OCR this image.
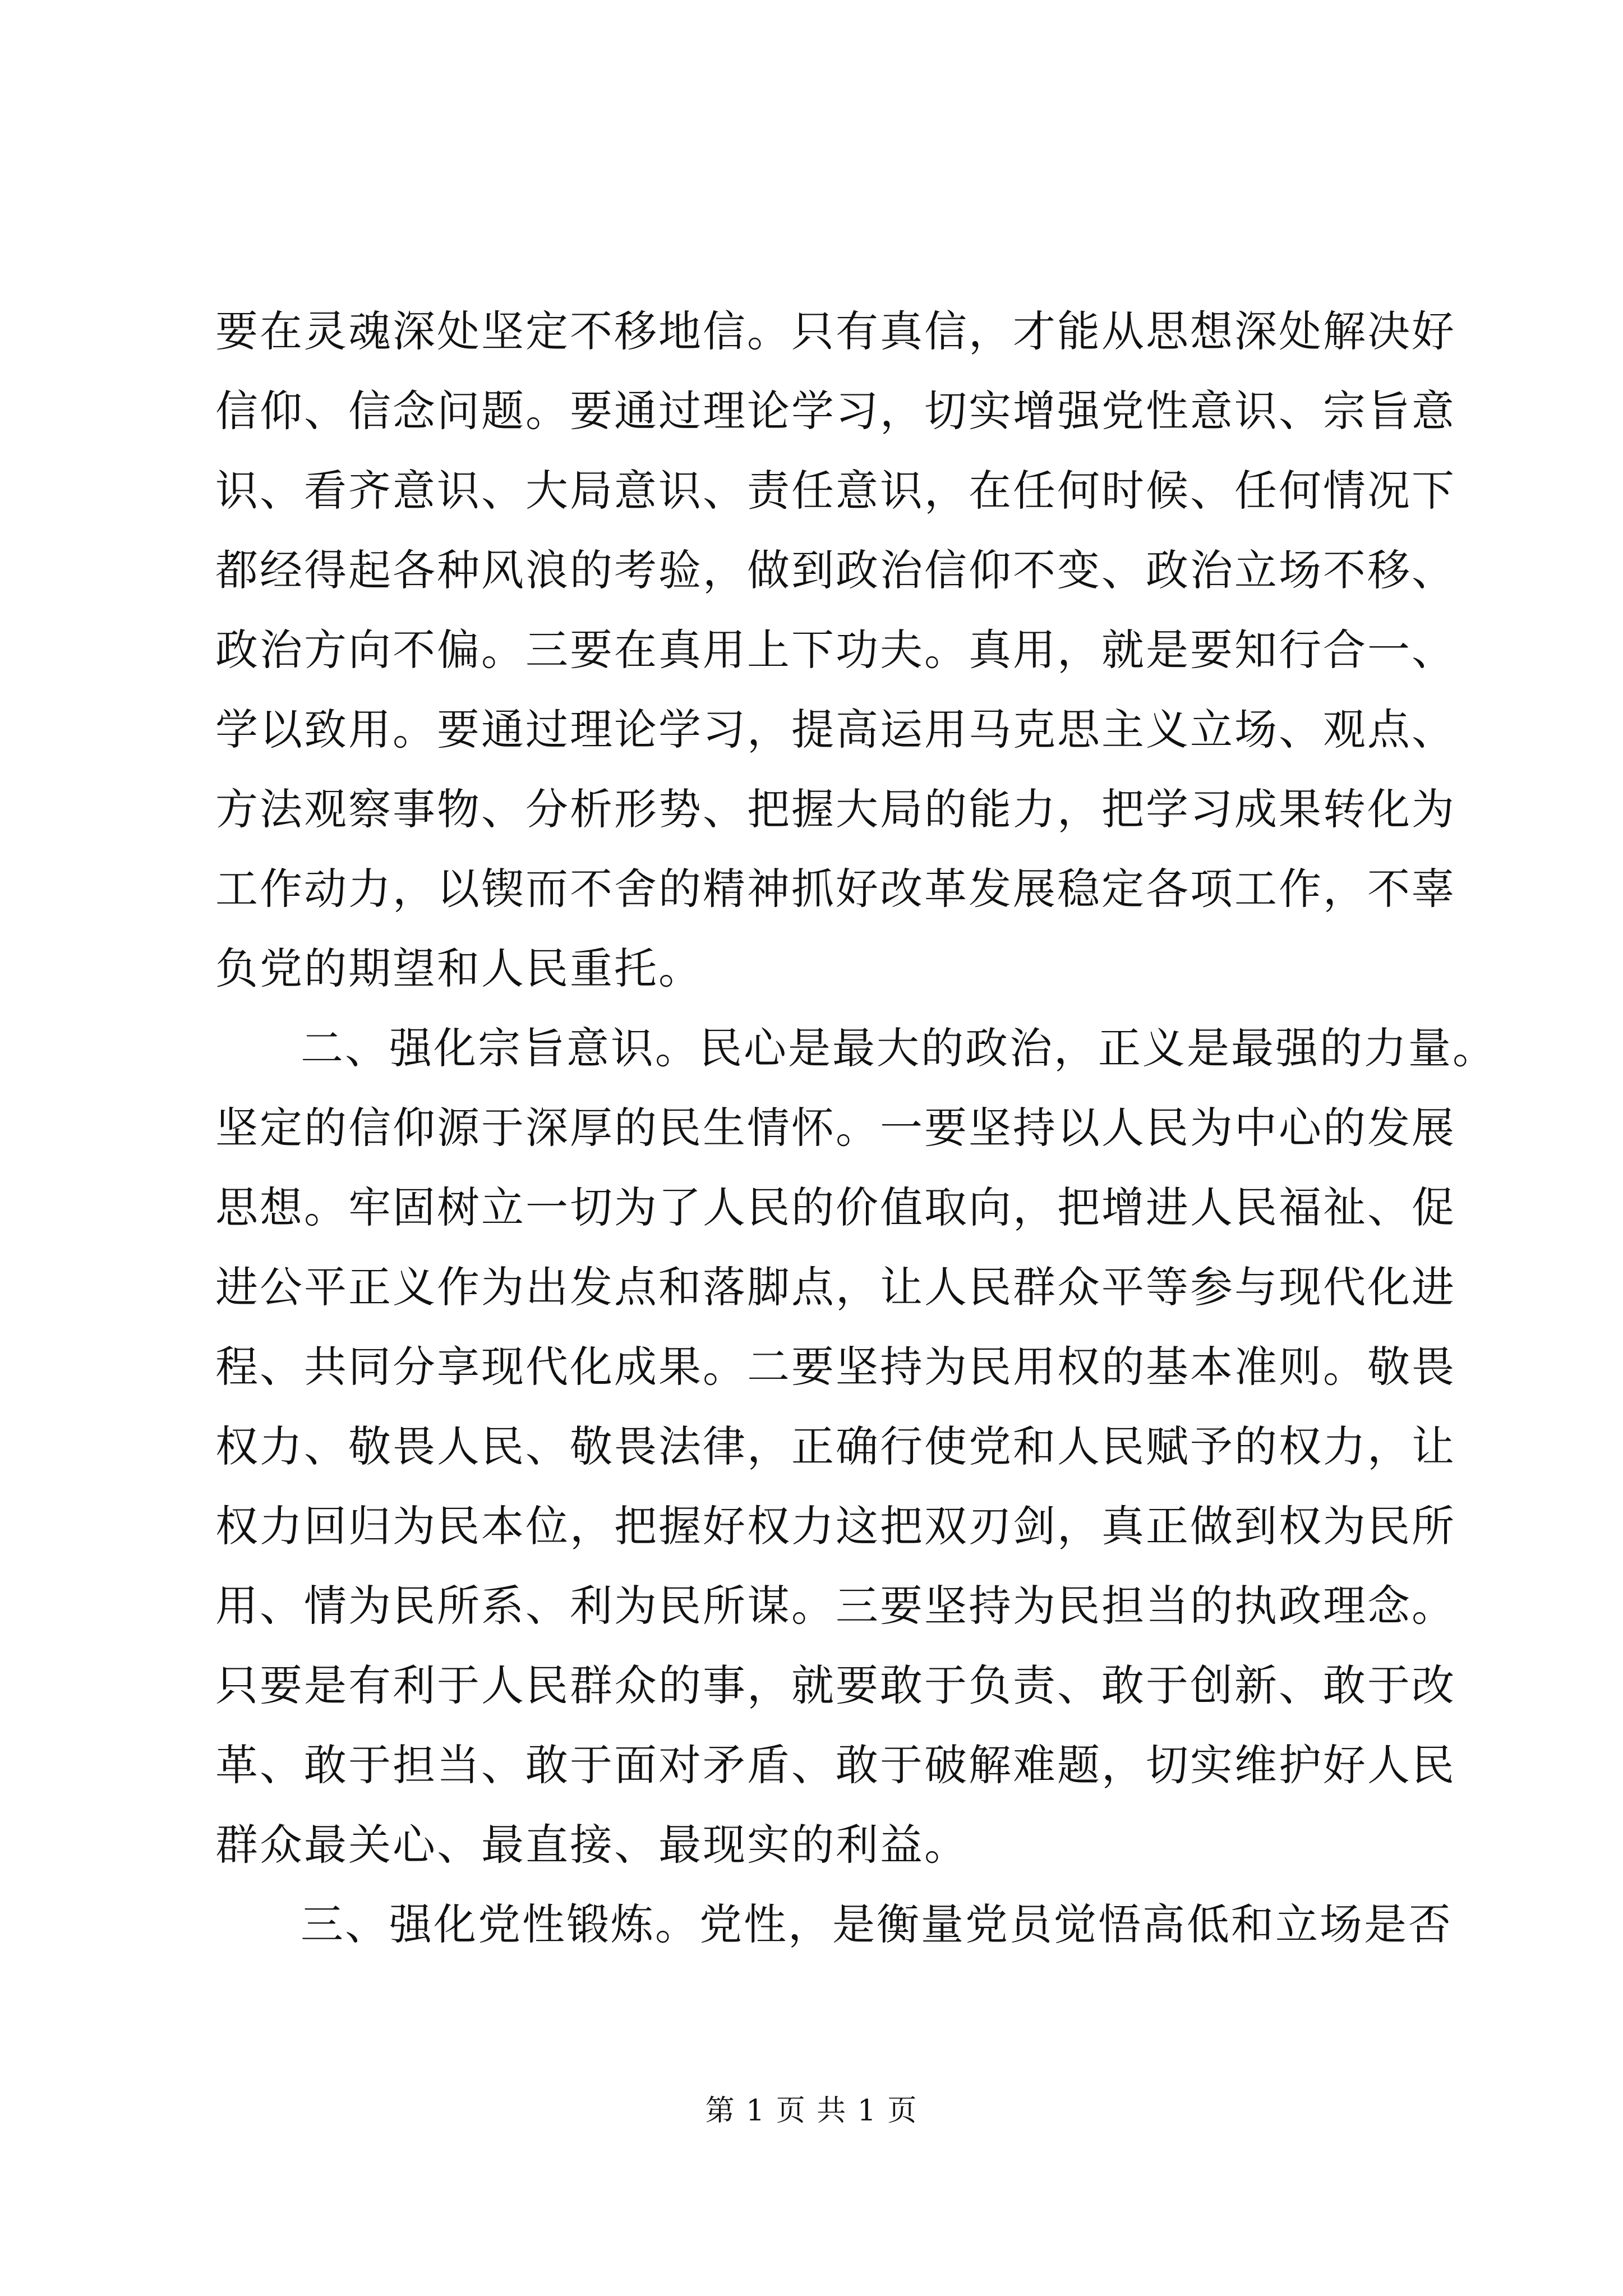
要在灵魂深处坚定不移地信。只有真信，才能从思想深处解决好
信仰、信念问题。要通过理论学习，切实增强党性意识、宗旨意
识、看齐意识、大局意识、责任意识，在任何时候、任何情况下
都经得起各种风浪的考验，做到政治信仰不变、政治立场不移、
政治方向不偏。三要在真用上下功夫。真用，就是要知行合一、
学以致用。要通过理论学习，提高运用马克思主义立场、观点、
方法观察事物、分析形势、把握大局的能力，把学习成果转化为
工作动力，以锲而不舍的精神抓好改革发展稳定各项工作，不辜
负党的期望和人民重托。
二、强化宗旨意识。民心是最大的政治，正义是最强的力量。
坚定的信仰源于深厚的民生情怀。一要坚持以人民为中心的发展
思想。牢固树立一切为了人民的价值取向，把增进人民福祉、促
进公平正义作为出发点和落脚点，让人民群众平等参与现代化进
程、共同分享现代化成果。二要坚持为民用权的基本准则。敬畏
权力、敬畏人民、敬畏法律，正确行使党和人民赋予的权力，让
权力回归为民本位，把握好权力这把双刃剑，真正做到权为民所
用、情为民所系、利为民所谋。三要坚持为民担当的执政理念。
只要是有利于人民群众的事，就要敢于负责、敢于创新、敢于改
革、敢于担当、敢于面对矛盾、敢于破解难题，切实维护好人民
群众最关心、最直接、最现实的利益。
三、强化党性锻炼。党性，是衡量党员觉悟高低和立场是否
第 1 页 共 1 页
